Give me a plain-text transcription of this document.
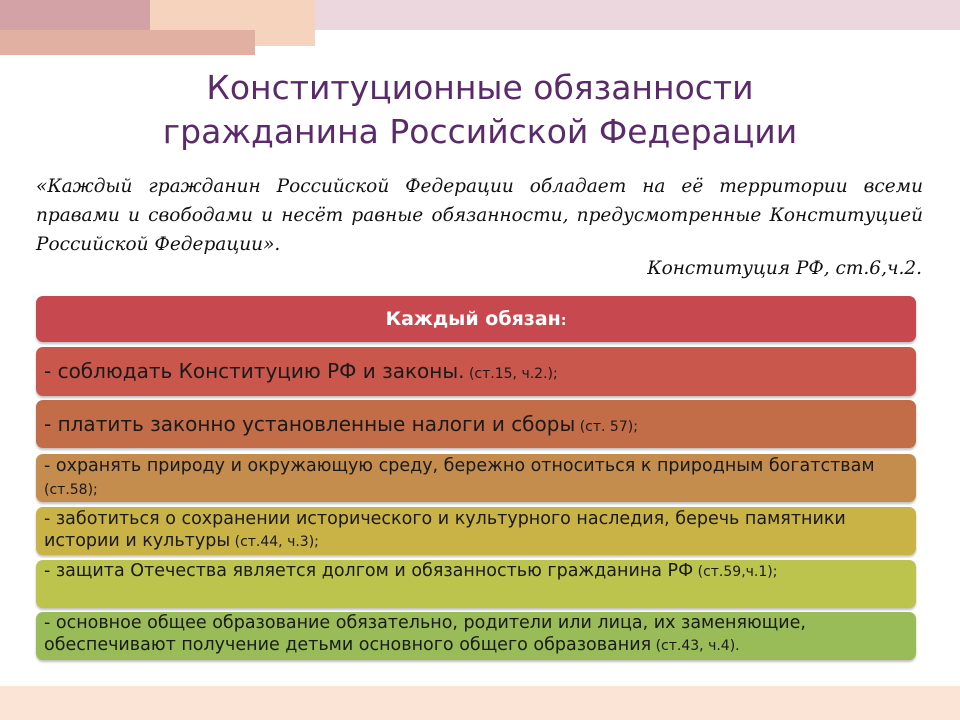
Конституционные обязанности
гражданина Российской Федерации
«Каждый гражданин Российской Федерации обладает на её территории всеми правами и свободами и несёт равные обязанности, предусмотренные Конституцией Российской Федерации».
Конституция РФ, ст.6,ч.2.
Каждый обязан:
- соблюдать Конституцию РФ и законы. (ст.15, ч.2.);
- платить законно установленные налоги и сборы (ст. 57);
- охранять природу и окружающую среду, бережно относиться к природным богатствам (ст.58);
- заботиться о сохранении исторического и культурного наследия, беречь памятники истории и культуры (ст.44, ч.3);
- защита Отечества является долгом и обязанностью гражданина РФ (ст.59,ч.1);
- основное общее образование обязательно, родители или лица, их заменяющие, обеспечивают получение детьми основного общего образования (ст.43, ч.4).
